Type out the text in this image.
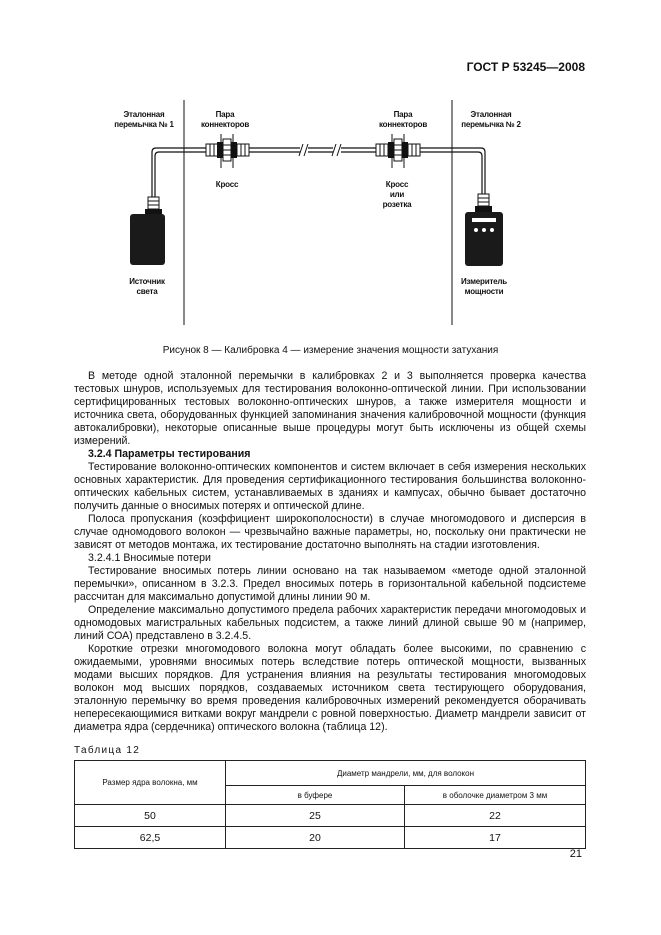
ГОСТ Р 53245—2008
Эталонная
перемычка № 1
Пара
коннекторов
Пара
коннекторов
Эталонная
перемычка № 2
Кросс	Кросс
или
розетка
Источник
света
Измеритель
мощности
Рисунок 8 — Калибровка 4 — измерение значения мощности затухания

В методе одной эталонной перемычки в калибровках 2 и 3 выполняется проверка качества тестовых шнуров, используемых для тестирования волоконно-оптической линии. При использовании сертифицированных тестовых волоконно-оптических шнуров, а также измерителя мощности и источника света, оборудованных функцией запоминания значения калибровочной мощности (функция автокалибровки), некоторые описанные выше процедуры могут быть исключены из общей схемы измерений.

3.2.4 Параметры тестирования

Тестирование волоконно-оптических компонентов и систем включает в себя измерения нескольких основных характеристик. Для проведения сертификационного тестирования большинства волоконно-оптических кабельных систем, устанавливаемых в зданиях и кампусах, обычно бывает достаточно получить данные о вносимых потерях и оптической длине.

Полоса пропускания (коэффициент широкополосности) в случае многомодового и дисперсия в случае одномодового волокон — чрезвычайно важные параметры, но, поскольку они практически не зависят от методов монтажа, их тестирование достаточно выполнять на стадии изготовления.

3.2.4.1 Вносимые потери

Тестирование вносимых потерь линии основано на так называемом «методе одной эталонной перемычки», описанном в 3.2.3. Предел вносимых потерь в горизонтальной кабельной подсистеме рассчитан для максимально допустимой длины линии 90 м.

Определение максимально допустимого предела рабочих характеристик передачи многомодовых и одномодовых магистральных кабельных подсистем, а также линий длиной свыше 90 м (например, линий СОА) представлено в 3.2.4.5.

Короткие отрезки многомодового волокна могут обладать более высокими, по сравнению с ожидаемыми, уровнями вносимых потерь вследствие потерь оптической мощности, вызванных модами высших порядков. Для устранения влияния на результаты тестирования многомодовых волокон мод высших порядков, создаваемых источником света тестирующего оборудования, эталонную перемычку во время проведения калибровочных измерений рекомендуется оборачивать непересекающимися витками вокруг мандрели с ровной поверхностью. Диаметр мандрели зависит от диаметра ядра (сердечника) оптического волокна (таблица 12).

Таблица 12
Размер ядра волокна, мм	Диаметр мандрели, мм, для волокон	
	в буфере	в оболочке диаметром 3 мм
50	25	22
62,5	20	17
21
